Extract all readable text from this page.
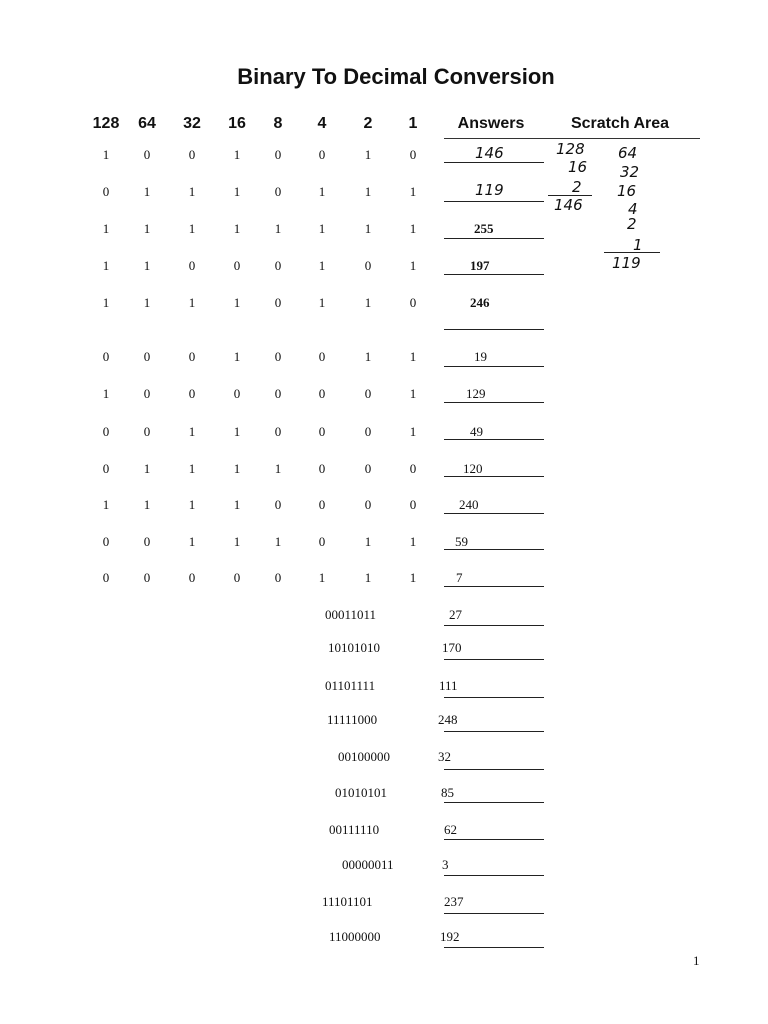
Binary To Decimal Conversion
128 64 32 16 8 4 2 1	Answers	Scratch Area
1	0	0	1	0	0	1	0	146
0	1	1	1	0	1	1	1	119
1	1	1	1	1	1	1	1	255
1	1	0	0	0	1	0	1	197
1	1	1	1	0	1	1	0	246
0	0	0	1	0	0	1	1	19
1	0	0	0	0	0	0	1	129
0	0	1	1	0	0	0	1	49
0	1	1	1	1	0	0	0	120
1	1	1	1	0	0	0	0	240
0	0	1	1	1	0	1	1	59
0	0	0	0	0	1	1	1	7
00011011	27
10101010	170
01101111	111
11111000	248
00100000	32
01010101	85
00111110	62
00000011	3
11101101	237
11000000	192
128
16
2
146
64
32
16
4
2
1
119
1
